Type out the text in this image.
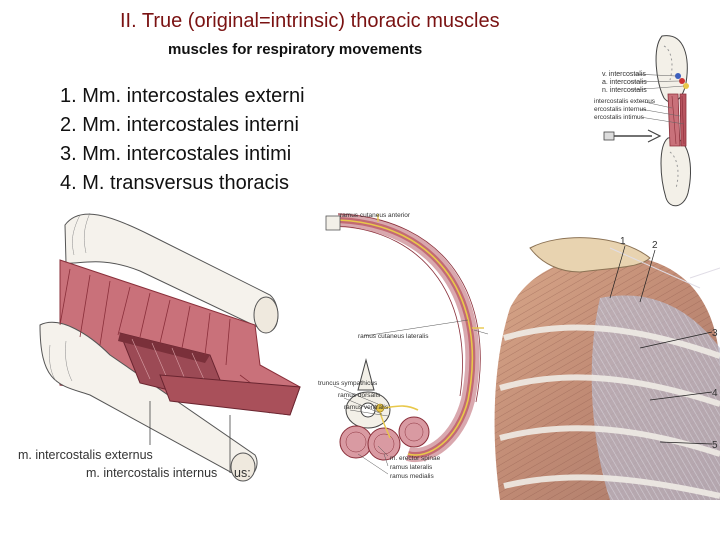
II. True (original=intrinsic) thoracic muscles
muscles for respiratory movements
1. Mm. intercostales externi
2. Mm. intercostales interni
3. Mm. intercostales intimi
4. M. transversus thoracis
v. intercostalis
a. intercostalis
n. intercostalis
intercostalis externus
ercostalis internus
ercostalis intimus
m. intercostalis externus
m. intercostalis internus us:
ramus cutaneus anterior
ramus cutaneus lateralis
truncus sympathicus
ramus dorsalis
ramus ventralis
m. erector spinae
ramus lateralis
ramus medialis
1	2
3
4
5
